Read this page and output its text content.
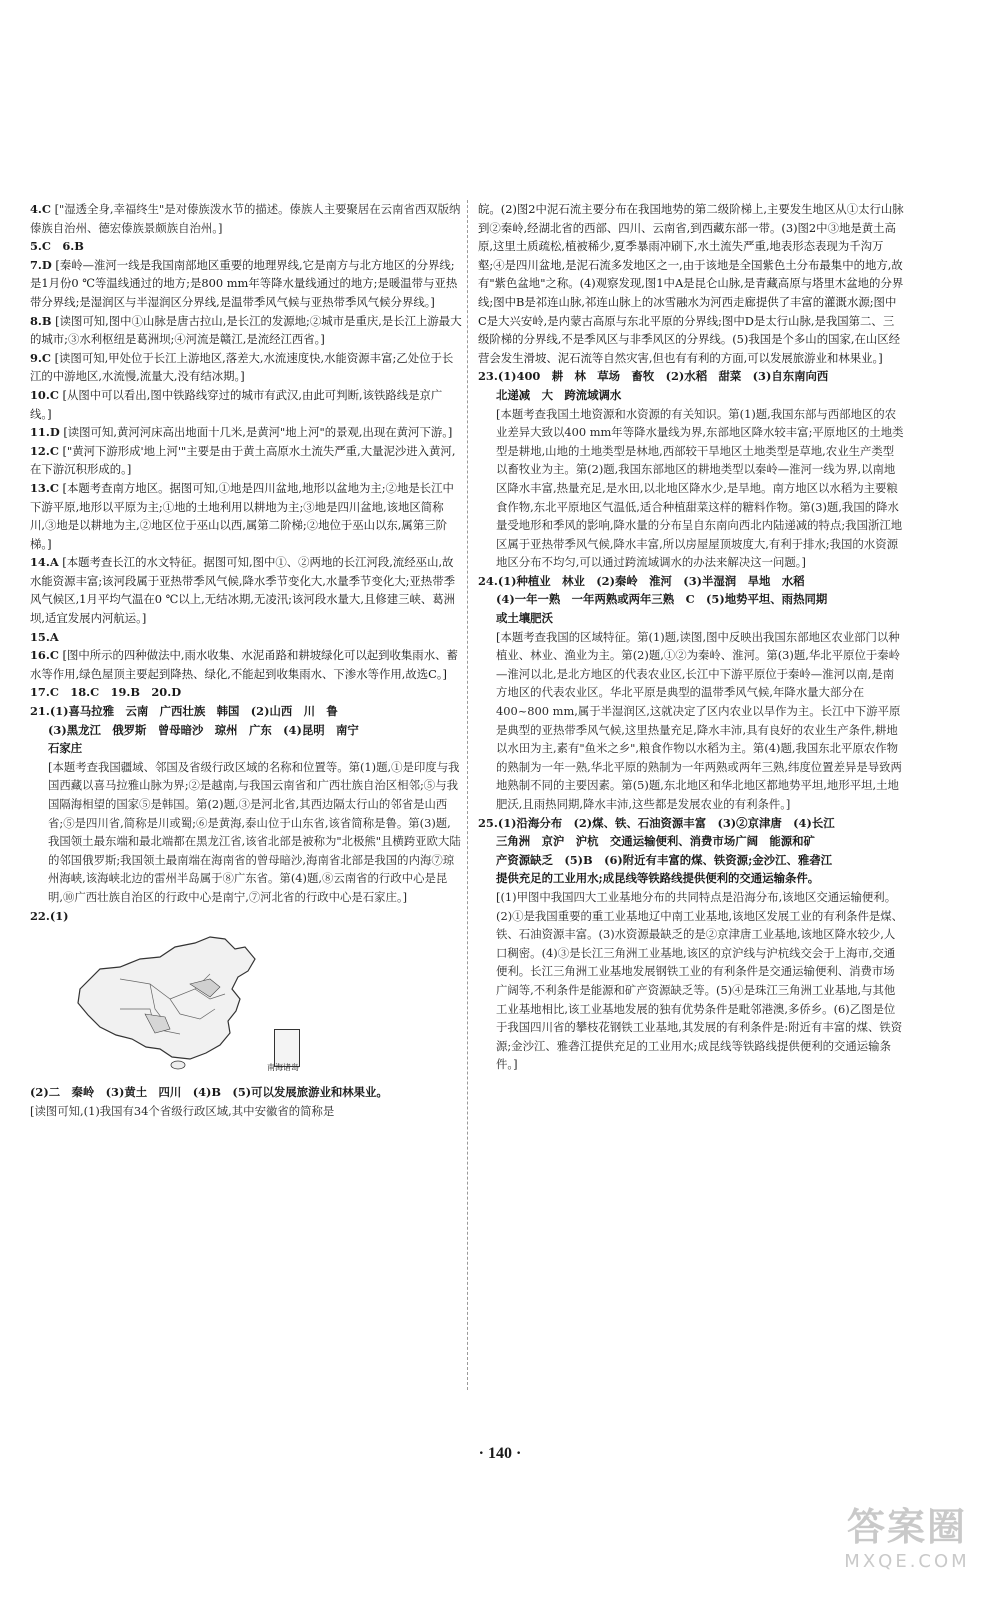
4.C ["湿透全身,幸福终生"是对傣族泼水节的描述。傣族人主要聚居在云南省西双版纳傣族自治州、德宏傣族景颇族自治州。]
5.C　6.B
7.D [秦岭—淮河一线是我国南部地区重要的地理界线,它是南方与北方地区的分界线;是1月份0 ℃等温线通过的地方;是800 mm年等降水量线通过的地方;是暖温带与亚热带分界线;是湿润区与半湿润区分界线,是温带季风气候与亚热带季风气候分界线。]
8.B [读图可知,图中①山脉是唐古拉山,是长江的发源地;②城市是重庆,是长江上游最大的城市;③水利枢纽是葛洲坝;④河流是赣江,是流经江西省。]
9.C [读图可知,甲处位于长江上游地区,落差大,水流速度快,水能资源丰富;乙处位于长江的中游地区,水流慢,流量大,没有结冰期。]
10.C [从图中可以看出,图中铁路线穿过的城市有武汉,由此可判断,该铁路线是京广线。]
11.D [读图可知,黄河河床高出地面十几米,是黄河"地上河"的景观,出现在黄河下游。]
12.C ["黄河下游形成'地上河'"主要是由于黄土高原水土流失严重,大量泥沙进入黄河,在下游沉积形成的。]
13.C [本题考查南方地区。据图可知,①地是四川盆地,地形以盆地为主;②地是长江中下游平原,地形以平原为主;①地的土地利用以耕地为主;③地是四川盆地,该地区简称川,③地是以耕地为主,②地区位于巫山以西,属第二阶梯;②地位于巫山以东,属第三阶梯。]
14.A [本题考查长江的水文特征。据图可知,图中①、②两地的长江河段,流经巫山,故水能资源丰富;该河段属于亚热带季风气候,降水季节变化大,水量季节变化大;亚热带季风气候区,1月平均气温在0 ℃以上,无结冰期,无凌汛;该河段水量大,且修建三峡、葛洲坝,适宜发展内河航运。]
15.A
16.C [图中所示的四种做法中,雨水收集、水泥甬路和耕坡绿化可以起到收集雨水、蓄水等作用,绿色屋顶主要起到降热、绿化,不能起到收集雨水、下渗水等作用,故选C。]
17.C　18.C　19.B　20.D
21.(1)喜马拉雅　云南　广西壮族　韩国　(2)山西　川　鲁
(3)黑龙江　俄罗斯　曾母暗沙　琼州　广东　(4)昆明　南宁
石家庄
[本题考查我国疆域、邻国及省级行政区域的名称和位置等。第(1)题,①是印度与我国西藏以喜马拉雅山脉为界;②是越南,与我国云南省和广西壮族自治区相邻;⑤与我国隔海相望的国家⑤是韩国。第(2)题,③是河北省,其西边隔太行山的邻省是山西省;⑤是四川省,简称是川或蜀;⑥是黄海,泰山位于山东省,该省简称是鲁。第(3)题,我国领土最东端和最北端都在黑龙江省,该省北部是被称为"北极熊"且横跨亚欧大陆的邻国俄罗斯;我国领土最南端在海南省的曾母暗沙,海南省北部是我国的内海⑦琼州海峡,该海峡北边的雷州半岛属于⑧广东省。第(4)题,⑧云南省的行政中心是昆明,⑩广西壮族自治区的行政中心是南宁,⑦河北省的行政中心是石家庄。]
22.(1)
南海诸岛
(2)二　秦岭　(3)黄土　四川　(4)B　(5)可以发展旅游业和林果业。
[读图可知,(1)我国有34个省级行政区域,其中安徽省的简称是
皖。(2)图2中泥石流主要分布在我国地势的第二级阶梯上,主要发生地区从①太行山脉到②秦岭,经湖北省的西部、四川、云南省,到西藏东部一带。(3)图2中③地是黄土高原,这里土质疏松,植被稀少,夏季暴雨冲刷下,水土流失严重,地表形态表现为千沟万壑;④是四川盆地,是泥石流多发地区之一,由于该地是全国紫色土分布最集中的地方,故有"紫色盆地"之称。(4)观察发现,图1中A是昆仑山脉,是青藏高原与塔里木盆地的分界线;图中B是祁连山脉,祁连山脉上的冰雪融水为河西走廊提供了丰富的灌溉水源;图中C是大兴安岭,是内蒙古高原与东北平原的分界线;图中D是太行山脉,是我国第二、三级阶梯的分界线,不是季风区与非季风区的分界线。(5)我国是个多山的国家,在山区经营会发生滑坡、泥石流等自然灾害,但也有有利的方面,可以发展旅游业和林果业。]
23.(1)400　耕　林　草场　畜牧　(2)水稻　甜菜　(3)自东南向西
北递减　大　跨流域调水
[本题考查我国土地资源和水资源的有关知识。第(1)题,我国东部与西部地区的农业差异大致以400 mm年等降水量线为界,东部地区降水较丰富;平原地区的土地类型是耕地,山地的土地类型是林地,西部较干旱地区土地类型是草地,农业生产类型以畜牧业为主。第(2)题,我国东部地区的耕地类型以秦岭—淮河一线为界,以南地区降水丰富,热量充足,是水田,以北地区降水少,是旱地。南方地区以水稻为主要粮食作物,东北平原地区气温低,适合种植甜菜这样的糖料作物。第(3)题,我国的降水量受地形和季风的影响,降水量的分布呈自东南向西北内陆递减的特点;我国浙江地区属于亚热带季风气候,降水丰富,所以房屋屋顶坡度大,有利于排水;我国的水资源地区分布不均匀,可以通过跨流域调水的办法来解决这一问题。]
24.(1)种植业　林业　(2)秦岭　淮河　(3)半湿润　旱地　水稻
(4)一年一熟　一年两熟或两年三熟　C　(5)地势平坦、雨热同期
或土壤肥沃
[本题考查我国的区域特征。第(1)题,读图,图中反映出我国东部地区农业部门以种植业、林业、渔业为主。第(2)题,①②为秦岭、淮河。第(3)题,华北平原位于秦岭—淮河以北,是北方地区的代表农业区,长江中下游平原位于秦岭—淮河以南,是南方地区的代表农业区。华北平原是典型的温带季风气候,年降水量大部分在400~800 mm,属于半湿润区,这就决定了区内农业以旱作为主。长江中下游平原是典型的亚热带季风气候,这里热量充足,降水丰沛,具有良好的农业生产条件,耕地以水田为主,素有"鱼米之乡",粮食作物以水稻为主。第(4)题,我国东北平原农作物的熟制为一年一熟,华北平原的熟制为一年两熟或两年三熟,纬度位置差异是导致两地熟制不同的主要因素。第(5)题,东北地区和华北地区都地势平坦,地形平坦,土地肥沃,且雨热同期,降水丰沛,这些都是发展农业的有利条件。]
25.(1)沿海分布　(2)煤、铁、石油资源丰富　(3)②京津唐　(4)长江
三角洲　京沪　沪杭　交通运输便利、消费市场广阔　能源和矿
产资源缺乏　(5)B　(6)附近有丰富的煤、铁资源;金沙江、雅砻江
提供充足的工业用水;成昆线等铁路线提供便利的交通运输条件。
[(1)甲图中我国四大工业基地分布的共同特点是沿海分布,该地区交通运输便利。(2)①是我国重要的重工业基地辽中南工业基地,该地区发展工业的有利条件是煤、铁、石油资源丰富。(3)水资源最缺乏的是②京津唐工业基地,该地区降水较少,人口稠密。(4)③是长江三角洲工业基地,该区的京沪线与沪杭线交会于上海市,交通便利。长江三角洲工业基地发展钢铁工业的有利条件是交通运输便利、消费市场广阔等,不利条件是能源和矿产资源缺乏等。(5)④是珠江三角洲工业基地,与其他工业基地相比,该工业基地发展的独有优势条件是毗邻港澳,多侨乡。(6)乙图是位于我国四川省的攀枝花钢铁工业基地,其发展的有利条件是:附近有丰富的煤、铁资源;金沙江、雅砻江提供充足的工业用水;成昆线等铁路线提供便利的交通运输条件。]
· 140 ·
答案圈
MXQE.COM
